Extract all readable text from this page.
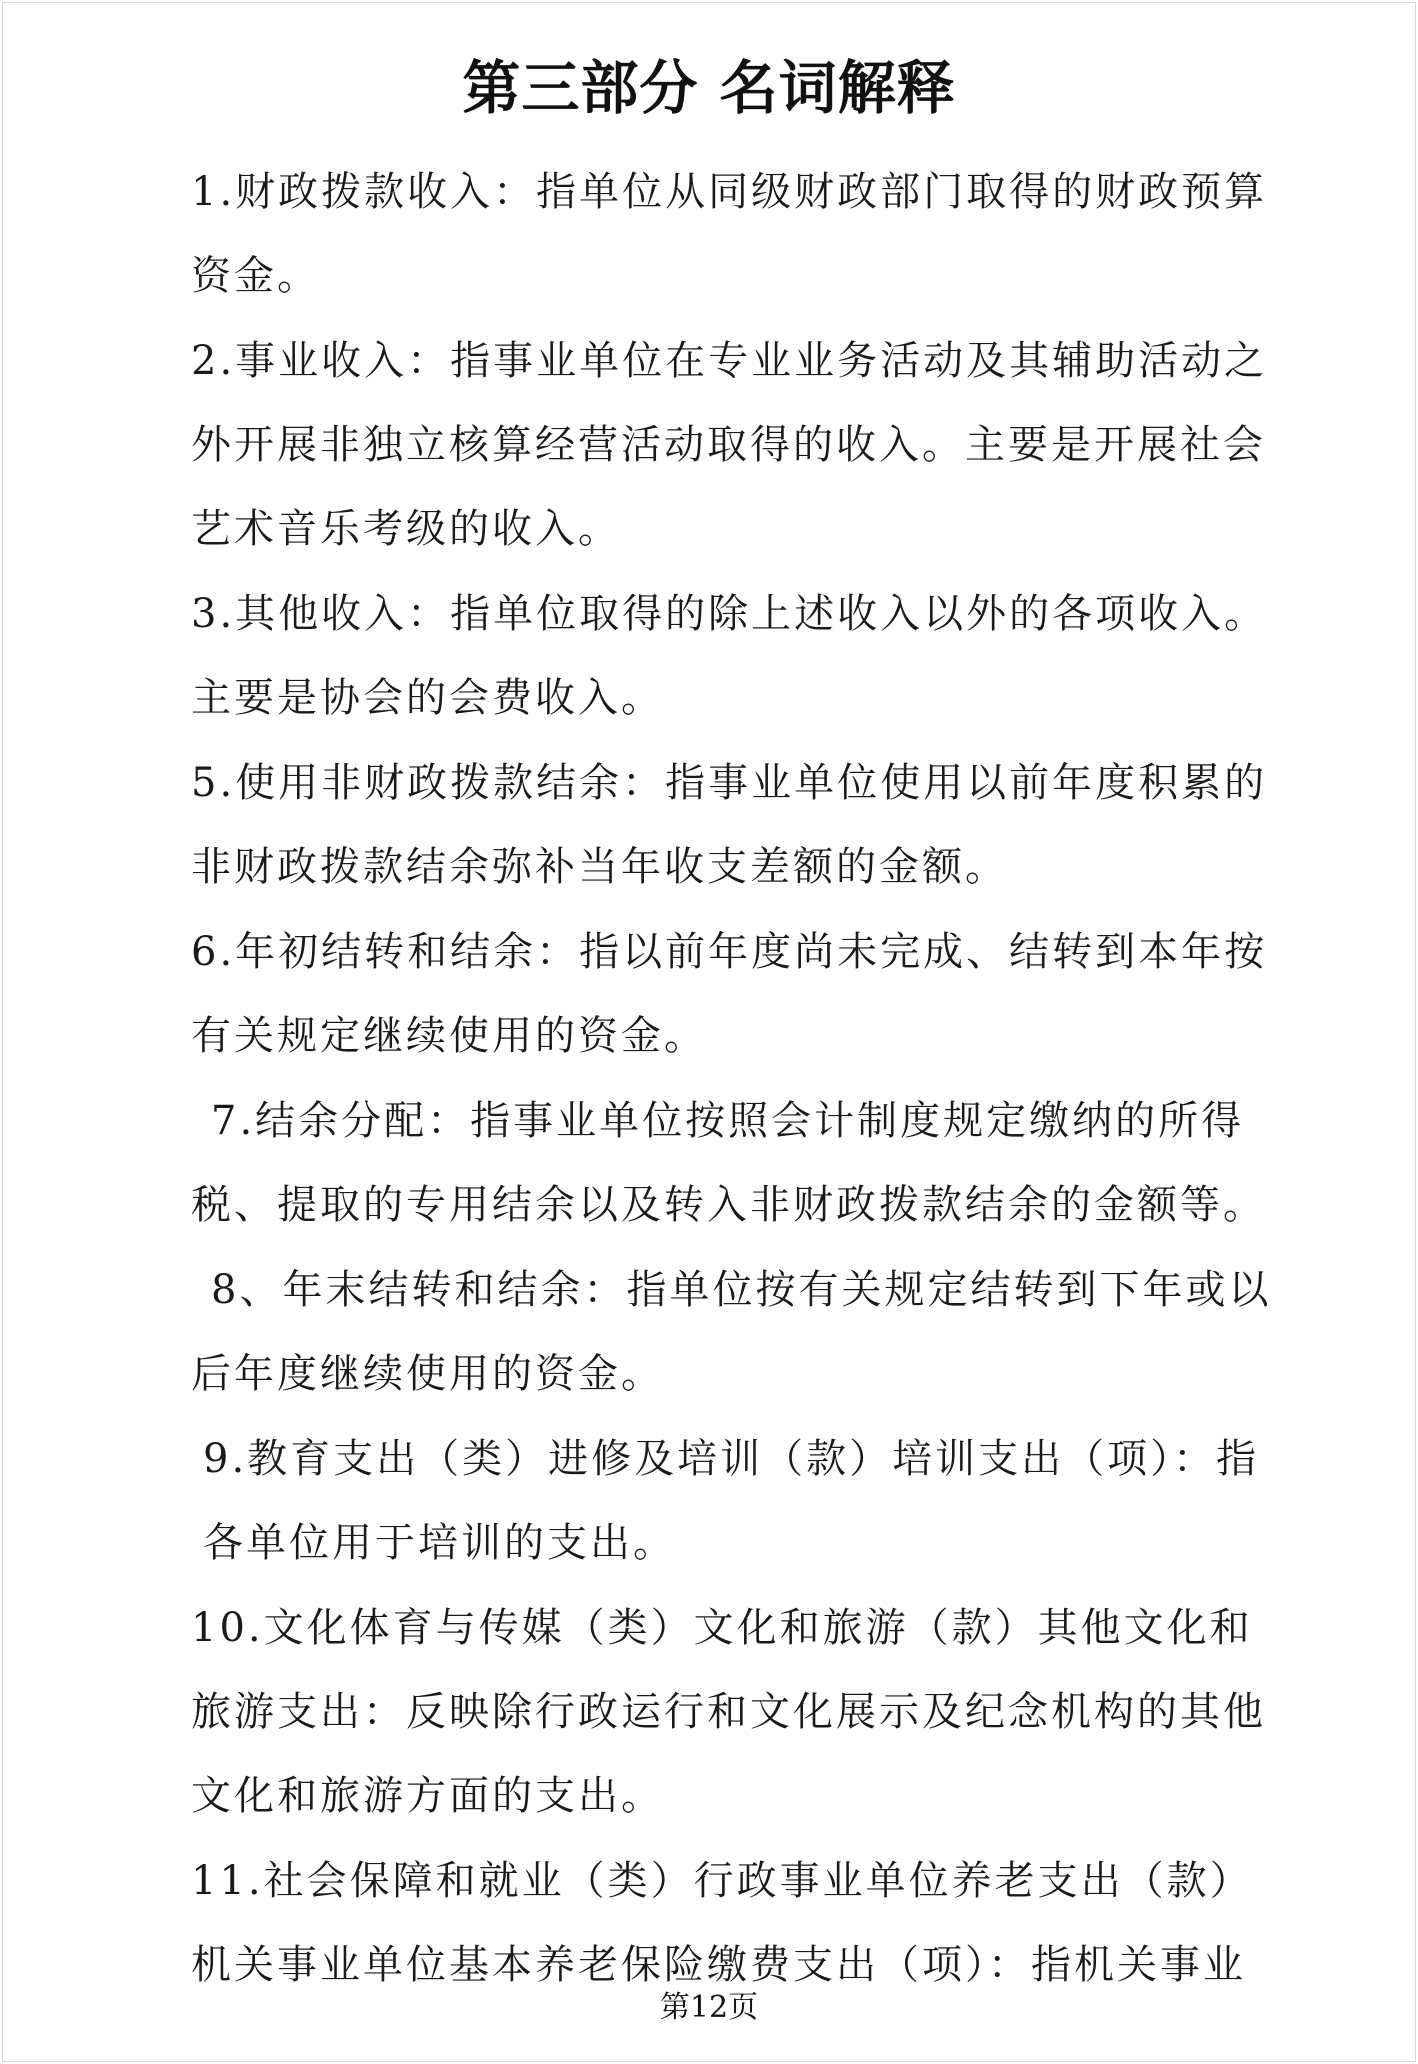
第三部分 名词解释
1.财政拨款收入：指单位从同级财政部门取得的财政预算
资金。
2.事业收入：指事业单位在专业业务活动及其辅助活动之
外开展非独立核算经营活动取得的收入。主要是开展社会
艺术音乐考级的收入。
3.其他收入：指单位取得的除上述收入以外的各项收入。
主要是协会的会费收入。
5.使用非财政拨款结余：指事业单位使用以前年度积累的
非财政拨款结余弥补当年收支差额的金额。
6.年初结转和结余：指以前年度尚未完成、结转到本年按
有关规定继续使用的资金。
7.结余分配：指事业单位按照会计制度规定缴纳的所得
税、提取的专用结余以及转入非财政拨款结余的金额等。
8、年末结转和结余：指单位按有关规定结转到下年或以
后年度继续使用的资金。
9.教育支出（类）进修及培训（款）培训支出（项）：指
各单位用于培训的支出。
10.文化体育与传媒（类）文化和旅游（款）其他文化和
旅游支出：反映除行政运行和文化展示及纪念机构的其他
文化和旅游方面的支出。
11.社会保障和就业（类）行政事业单位养老支出（款）
机关事业单位基本养老保险缴费支出（项）：指机关事业
第12页
